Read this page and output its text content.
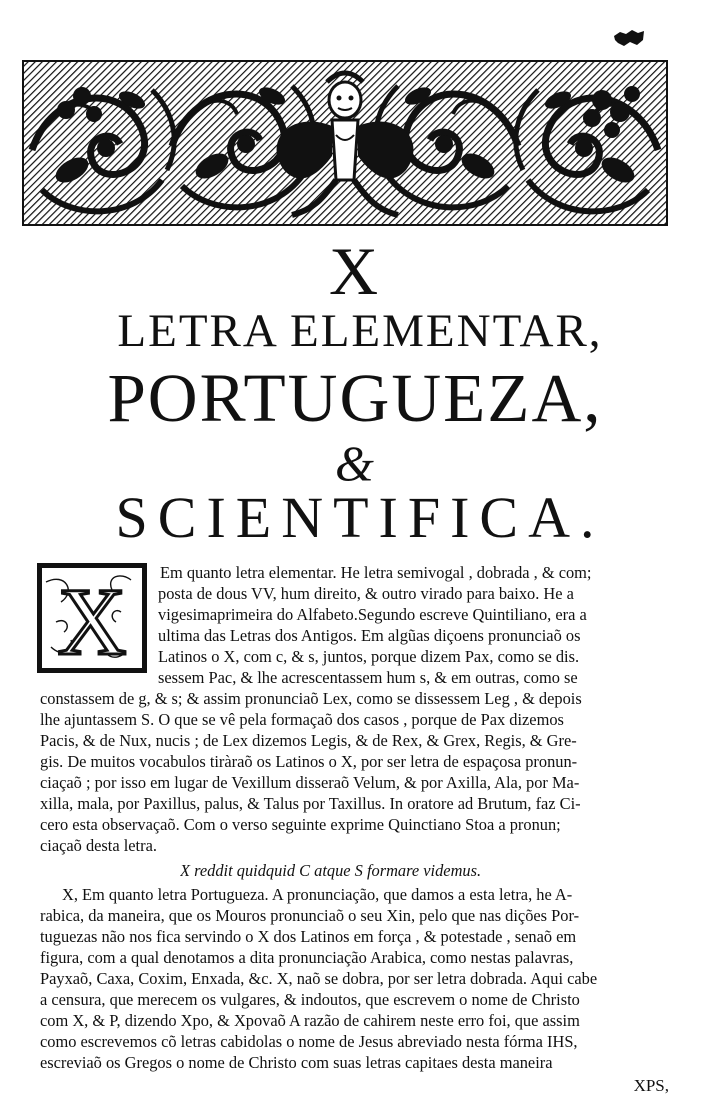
X
LETRA ELEMENTAR,
PORTUGUEZA,
&
SCIENTIFICA.
X Em quanto letra elementar. He letra semivogal , dobrada , & com;
posta de dous VV, hum direito, & outro virado para baixo. He a
vigesimaprimeira do Alfabeto.Segundo escreve Quintiliano, era a
ultima das Letras dos Antigos. Em algũas diçoens pronunciaõ os
Latinos o X, com c, & s, juntos, porque dizem Pax, como se dis.
sessem Pac, & lhe acrescentassem hum s, & em outras, como se
constassem de g, & s; & assim pronunciaõ Lex, como se dissessem Leg , & depois
lhe ajuntassem S. O que se vê pela formaçaõ dos casos , porque de Pax dizemos
Pacis, & de Nux, nucis ; de Lex dizemos Legis, & de Rex, & Grex, Regis, & Gre-
gis. De muitos vocabulos tiràraõ os Latinos o X, por ser letra de espaçosa pronun-
ciaçaõ ; por isso em lugar de Vexillum disseraõ Velum, & por Axilla, Ala, por Ma-
xilla, mala, por Paxillus, palus, & Talus por Taxillus. In oratore ad Brutum, faz Ci-
cero esta observaçaõ. Com o verso seguinte exprime Quinctiano Stoa a pronun;
ciaçaõ desta letra.
X reddit quidquid C atque S formare videmus.
X, Em quanto letra Portugueza. A pronunciação, que damos a esta letra, he A-
rabica, da maneira, que os Mouros pronunciaõ o seu Xin, pelo que nas dições Por-
tuguezas não nos fica servindo o X dos Latinos em força , & potestade , senaõ em
figura, com a qual denotamos a dita pronunciação Arabica, como nestas palavras,
Payxaõ, Caxa, Coxim, Enxada, &c. X, naõ se dobra, por ser letra dobrada. Aqui cabe
a censura, que merecem os vulgares, & indoutos, que escrevem o nome de Christo
com X, & P, dizendo Xpo, & Xpovaõ A razão de cahirem neste erro foi, que assim
como escrevemos cõ letras cabidolas o nome de Jesus abreviado nesta fórma IHS,
escreviaõ os Gregos o nome de Christo com suas letras capitaes desta maneira
XPS,
